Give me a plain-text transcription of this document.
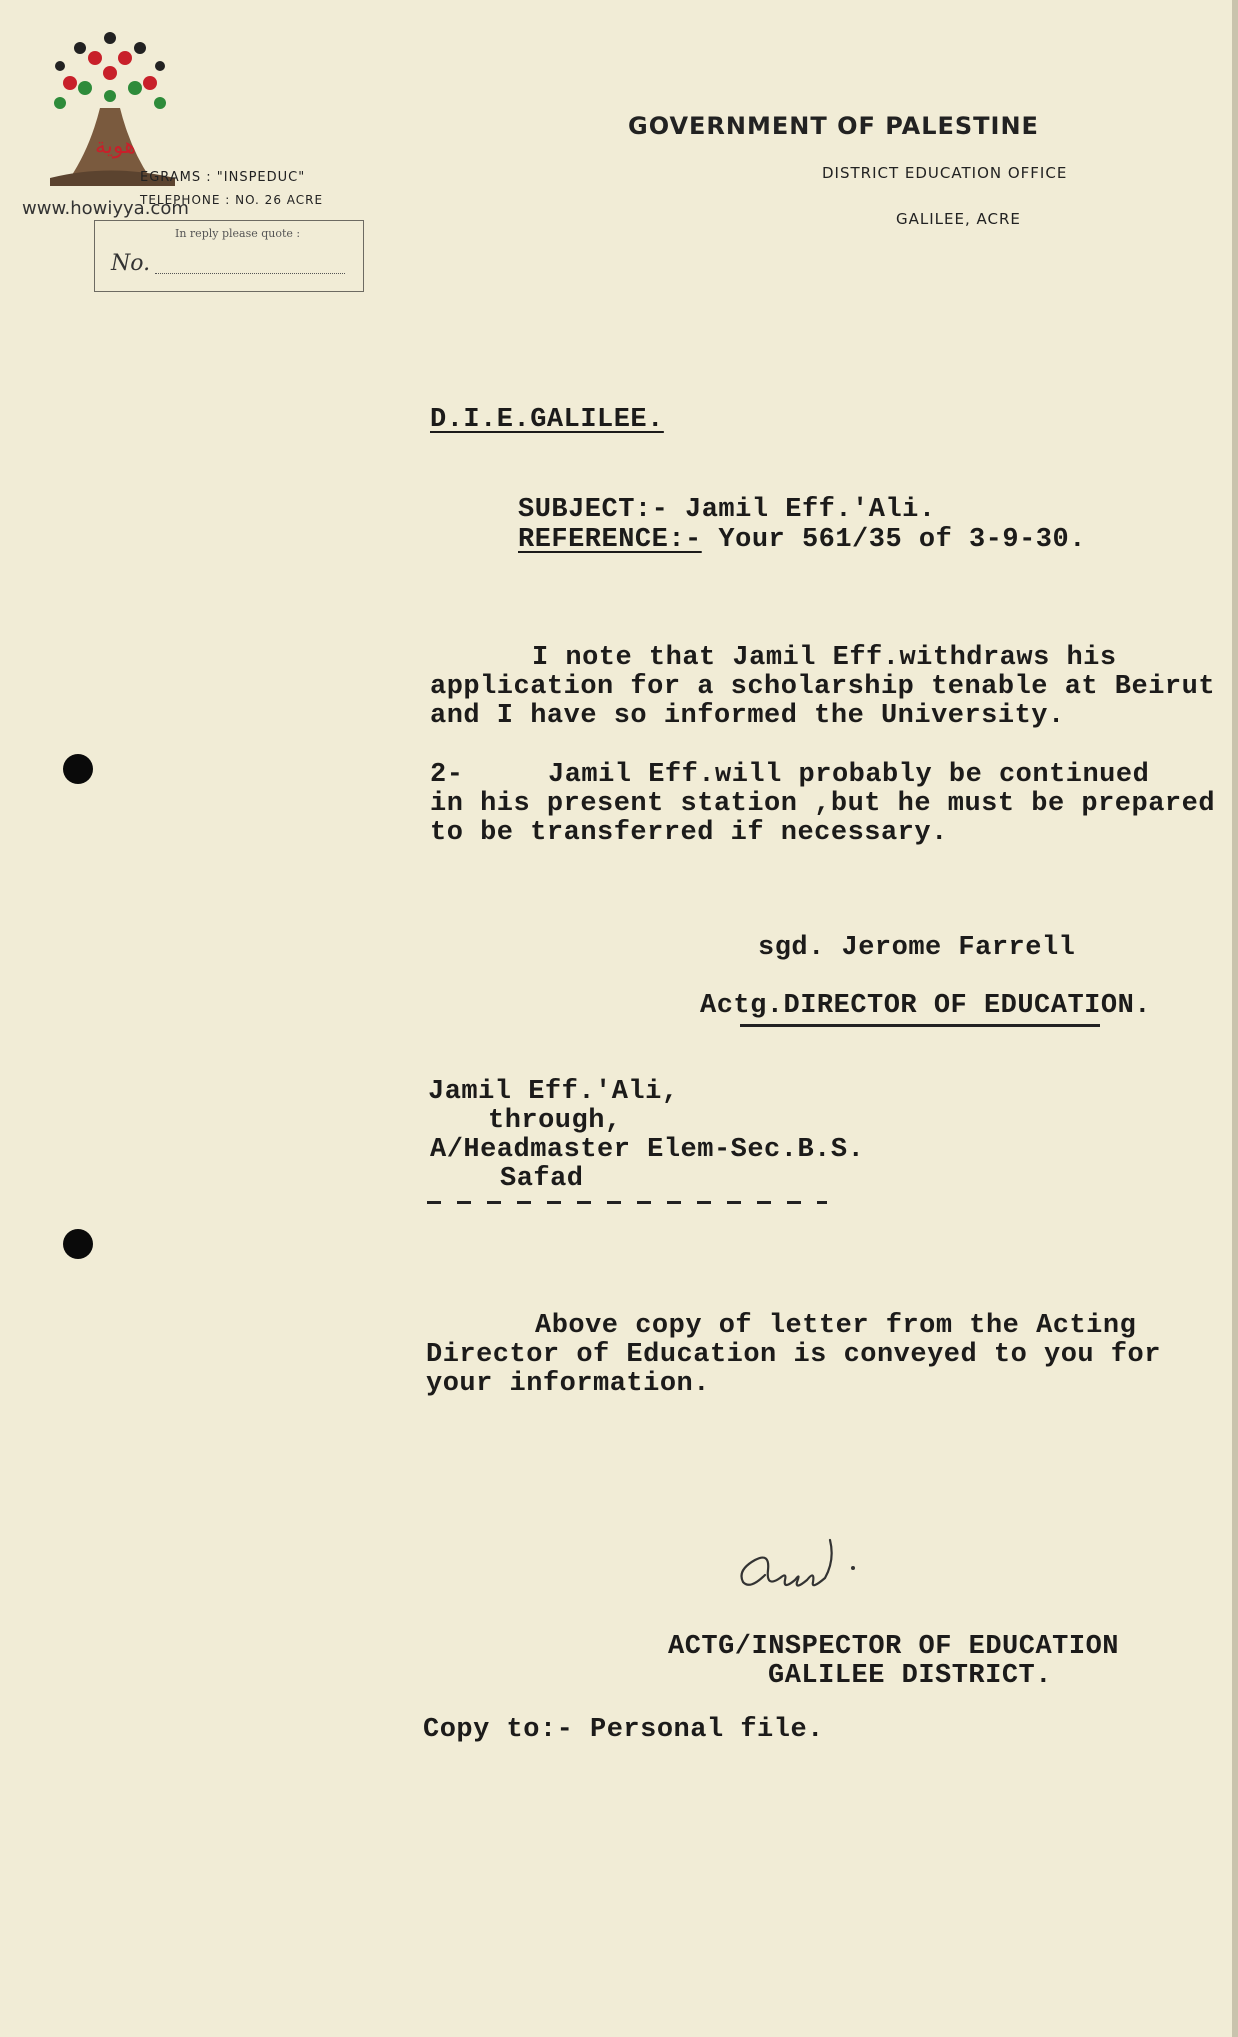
هوية
www.howiyya.com
EGRAMS : "INSPEDUC"
TELEPHONE : NO. 26 ACRE
In reply please quote :
No.
GOVERNMENT OF PALESTINE
DISTRICT EDUCATION OFFICE
GALILEE, ACRE
D.I.E.GALILEE.
SUBJECT:- Jamil Eff.'Ali.
REFERENCE:- Your 561/35 of 3-9-30.
I note that Jamil Eff.withdraws his
application for a scholarship tenable at Beirut
and I have so informed the University.
2-	Jamil Eff.will probably be continued
in his present station ,but he must be prepared
to be transferred if necessary.
sgd. Jerome Farrell
Actg.DIRECTOR OF EDUCATION.
Jamil Eff.'Ali,
through,
A/Headmaster Elem-Sec.B.S.
Safad
Above copy of letter from the Acting
Director of Education is conveyed to you for
your information.
ACTG/INSPECTOR OF EDUCATION
GALILEE DISTRICT.
Copy to:- Personal file.
